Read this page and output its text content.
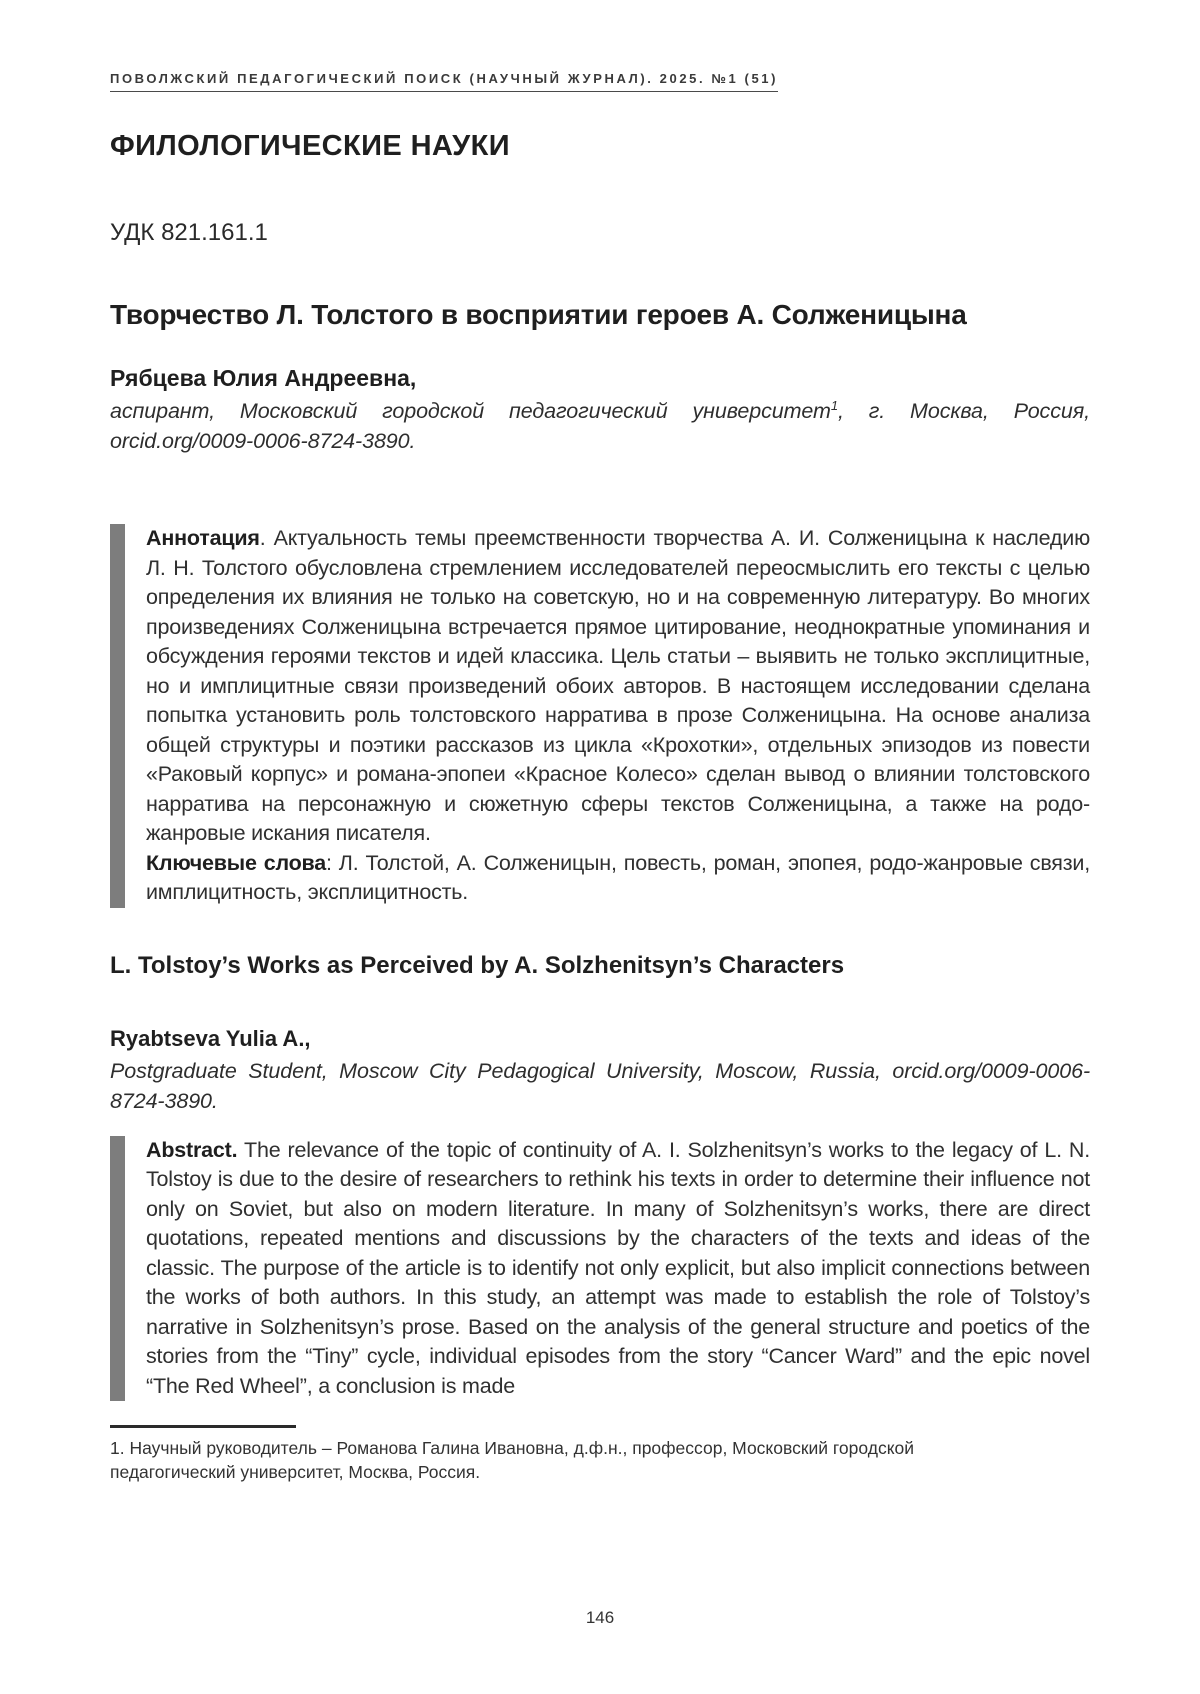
ПОВОЛЖСКИЙ ПЕДАГОГИЧЕСКИЙ ПОИСК (НАУЧНЫЙ ЖУРНАЛ). 2025. №1 (51)
ФИЛОЛОГИЧЕСКИЕ НАУКИ
УДК 821.161.1
Творчество Л. Толстого в восприятии героев А. Солженицына
Рябцева Юлия Андреевна,
аспирант, Московский городской педагогический университет$^1$, г. Москва, Россия, orcid.org/0009-0006-8724-3890.

Аннотация. Актуальность темы преемственности творчества А. И. Солженицына к наследию Л. Н. Толстого обусловлена стремлением исследователей переосмыслить его тексты с целью определения их влияния не только на советскую, но и на современную литературу. Во многих произведениях Солженицына встречается прямое цитирование, неоднократные упоминания и обсуждения героями текстов и идей классика. Цель статьи – выявить не только эксплицитные, но и имплицитные связи произведений обоих авторов. В настоящем исследовании сделана попытка установить роль толстовского нарратива в прозе Солженицына. На основе анализа общей структуры и поэтики рассказов из цикла «Крохотки», отдельных эпизодов из повести «Раковый корпус» и романа-эпопеи «Красное Колесо» сделан вывод о влиянии толстовского нарратива на персонажную и сюжетную сферы текстов Солженицына, а также на родо-жанровые искания писателя.

Ключевые слова: Л. Толстой, А. Солженицын, повесть, роман, эпопея, родо-жанровые связи, имплицитность, эксплицитность.

L. Tolstoy’s Works as Perceived by A. Solzhenitsyn’s Characters
Ryabtseva Yulia A.,
Postgraduate Student, Moscow City Pedagogical University, Moscow, Russia, orcid.org/0009-0006-8724-3890.

Abstract. The relevance of the topic of continuity of A. I. Solzhenitsyn’s works to the legacy of L. N. Tolstoy is due to the desire of researchers to rethink his texts in order to determine their influence not only on Soviet, but also on modern literature. In many of Solzhenitsyn’s works, there are direct quotations, repeated mentions and discussions by the characters of the texts and ideas of the classic. The purpose of the article is to identify not only explicit, but also implicit connections between the works of both authors. In this study, an attempt was made to establish the role of Tolstoy’s narrative in Solzhenitsyn’s prose. Based on the analysis of the general structure and poetics of the stories from the “Tiny” cycle, individual episodes from the story “Cancer Ward” and the epic novel “The Red Wheel”, a conclusion is made

1. Научный руководитель – Романова Галина Ивановна, д.ф.н., профессор, Московский городской педагогический университет, Москва, Россия.
146
